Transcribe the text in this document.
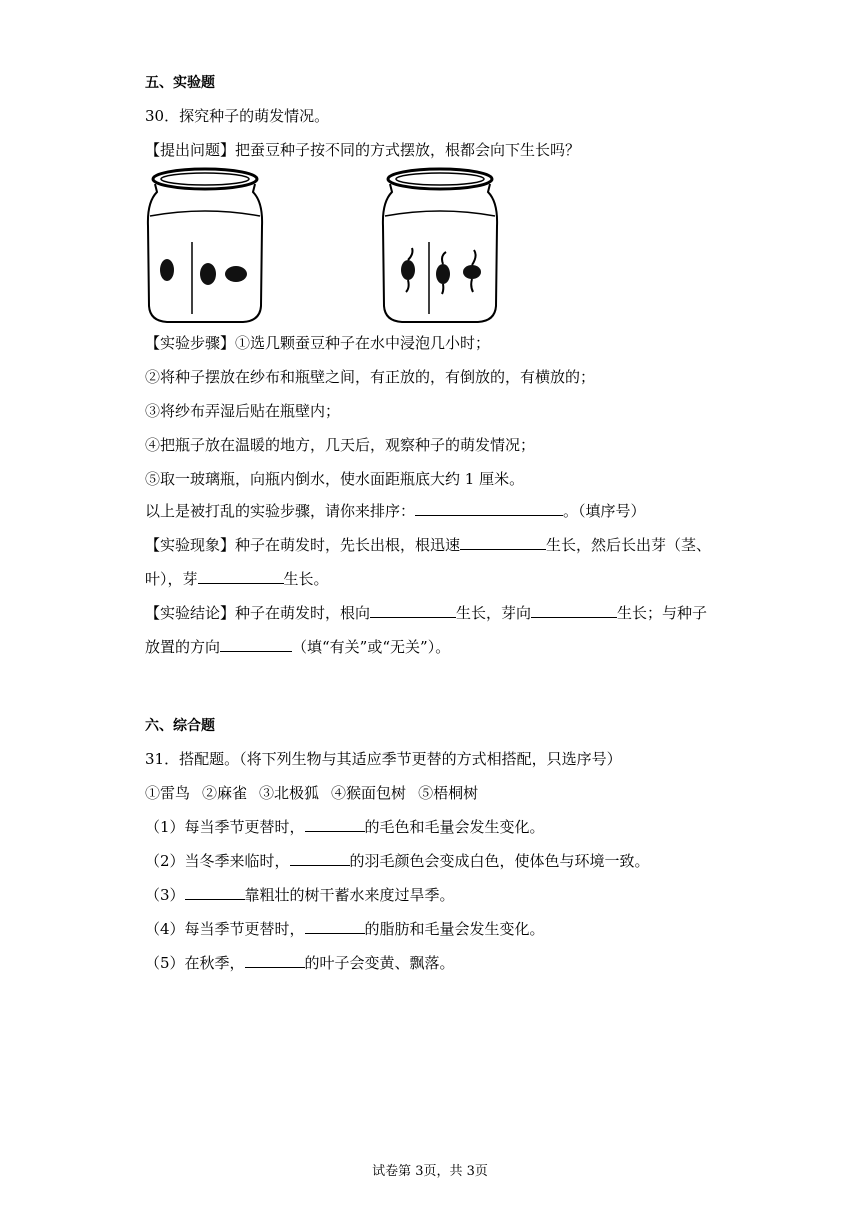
五、实验题
30．探究种子的萌发情况。
【提出问题】把蚕豆种子按不同的方式摆放，根都会向下生长吗？
【实验步骤】①选几颗蚕豆种子在水中浸泡几小时；
②将种子摆放在纱布和瓶壁之间，有正放的，有倒放的，有横放的；
③将纱布弄湿后贴在瓶壁内；
④把瓶子放在温暖的地方，几天后，观察种子的萌发情况；
⑤取一玻璃瓶，向瓶内倒水，使水面距瓶底大约 1 厘米。
以上是被打乱的实验步骤，请你来排序：	。（填序号）
【实验现象】种子在萌发时，先长出根，根迅速	生长，然后长出芽（茎、
叶），芽	生长。
【实验结论】种子在萌发时，根向	生长，芽向	生长；与种子
放置的方向	（填“有关”或“无关”）。
六、综合题
31．搭配题。（将下列生物与其适应季节更替的方式相搭配，只选序号）
①雷鸟 ②麻雀 ③北极狐 ④猴面包树 ⑤梧桐树
（1）每当季节更替时，	的毛色和毛量会发生变化。
（2）当冬季来临时，	的羽毛颜色会变成白色，使体色与环境一致。
（3）	靠粗壮的树干蓄水来度过旱季。
（4）每当季节更替时，	的脂肪和毛量会发生变化。
（5）在秋季，	的叶子会变黄、飘落。
试卷第 3页，共 3页
